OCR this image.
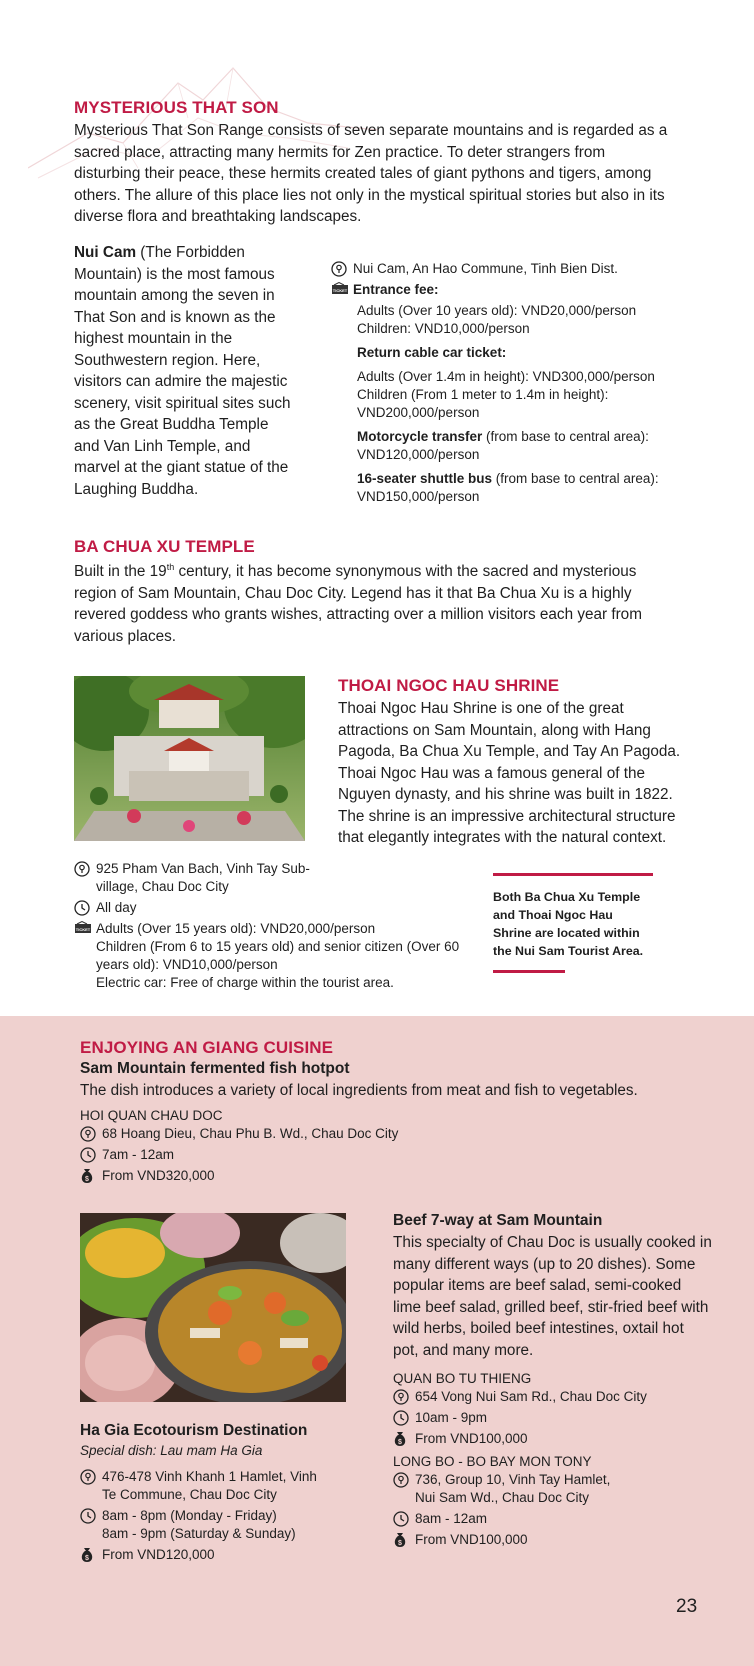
MYSTERIOUS THAT SON
Mysterious That Son Range consists of seven separate mountains and is regarded as a sacred place, attracting many hermits for Zen practice. To deter strangers from disturbing their peace, these hermits created tales of giant pythons and tigers, among others. The allure of this place lies not only in the mystical spiritual stories but also in its diverse flora and breathtaking landscapes.
Nui Cam (The Forbidden Mountain) is the most famous mountain among the seven in That Son and is known as the highest mountain in the Southwestern region. Here, visitors can admire the majestic scenery, visit spiritual sites such as the Great Buddha Temple and Van Linh Temple, and marvel at the giant statue of the Laughing Buddha.
Nui Cam, An Hao Commune, Tinh Bien Dist.
TICKET Entrance fee:
Adults (Over 10 years old): VND20,000/person
Children: VND10,000/person
Return cable car ticket:
Adults (Over 1.4m in height): VND300,000/person
Children (From 1 meter to 1.4m in height): VND200,000/person
Motorcycle transfer (from base to central area): VND120,000/person
16-seater shuttle bus (from base to central area): VND150,000/person
BA CHUA XU TEMPLE
Built in the 19th century, it has become synonymous with the sacred and mysterious region of Sam Mountain, Chau Doc City. Legend has it that Ba Chua Xu is a highly revered goddess who grants wishes, attracting over a million visitors each year from various places.
THOAI NGOC HAU SHRINE
Thoai Ngoc Hau Shrine is one of the great attractions on Sam Mountain, along with Hang Pagoda, Ba Chua Xu Temple, and Tay An Pagoda. Thoai Ngoc Hau was a famous general of the Nguyen dynasty, and his shrine was built in 1822. The shrine is an impressive architectural structure that elegantly integrates with the natural context.
925 Pham Van Bach, Vinh Tay Sub-village, Chau Doc City
All day
TICKET Adults (Over 15 years old): VND20,000/person
Children (From 6 to 15 years old) and senior citizen (Over 60 years old): VND10,000/person
Electric car: Free of charge within the tourist area.
Both Ba Chua Xu Temple and Thoai Ngoc Hau Shrine are located within the Nui Sam Tourist Area.
ENJOYING AN GIANG CUISINE
Sam Mountain fermented fish hotpot
The dish introduces a variety of local ingredients from meat and fish to vegetables.
HOI QUAN CHAU DOC
68 Hoang Dieu, Chau Phu B. Wd., Chau Doc City
7am - 12am
$ From VND320,000
Ha Gia Ecotourism Destination
Special dish: Lau mam Ha Gia
476-478 Vinh Khanh 1 Hamlet, Vinh Te Commune, Chau Doc City
8am - 8pm (Monday - Friday)
8am - 9pm (Saturday & Sunday)
$ From VND120,000
Beef 7-way at Sam Mountain
This specialty of Chau Doc is usually cooked in many different ways (up to 20 dishes). Some popular items are beef salad, semi-cooked lime beef salad, grilled beef, stir-fried beef with wild herbs, boiled beef intestines, oxtail hot pot, and many more.
QUAN BO TU THIENG
654 Vong Nui Sam Rd., Chau Doc City
10am - 9pm
$ From VND100,000
LONG BO - BO BAY MON TONY
736, Group 10, Vinh Tay Hamlet, Nui Sam Wd., Chau Doc City
8am - 12am
$ From VND100,000
23
